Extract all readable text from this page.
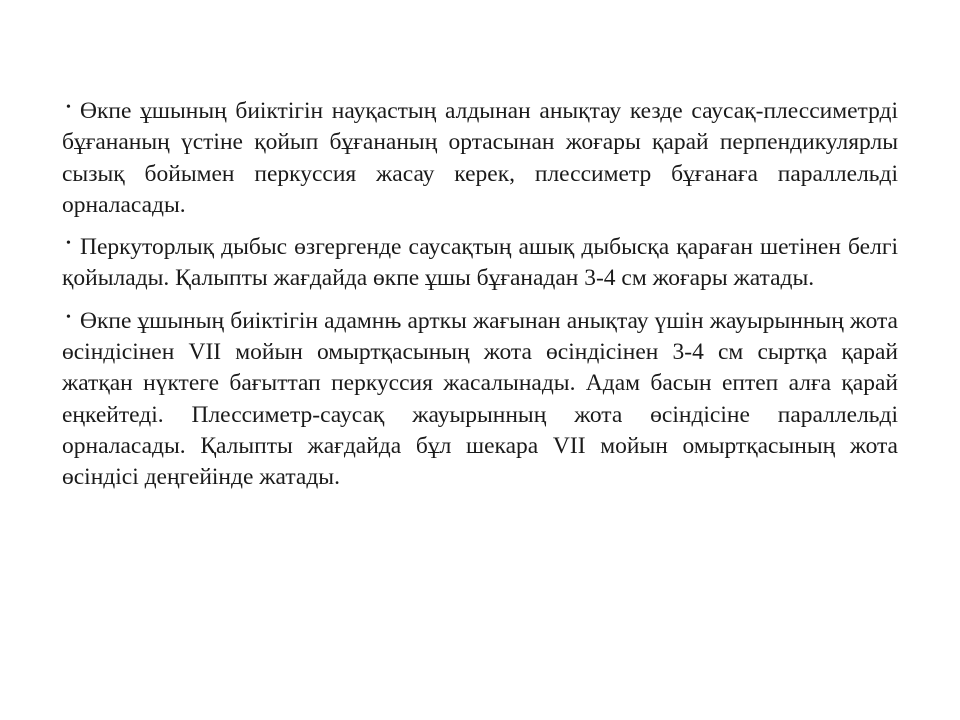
• Өкпе ұшының биіктігін науқастың алдынан анықтау кезде саусақ-плессиметрді бұғананың үстіне қойып бұғананың ортасынан жоғары қарай перпендикулярлы сызық бойымен перкуссия жасау керек, плессиметр бұғанаға параллельді орналасады.
• Перкуторлық дыбыс өзгергенде саусақтың ашық дыбысқа қараған шетінен белгі қойылады. Қалыпты жағдайда өкпе ұшы бұғанадан 3-4 см жоғары жатады.
• Өкпе ұшының биіктігін адамнњ арткы жағынан анықтау үшін жауырынның жота өсіндісінен VII мойын омыртқасының жота өсіндісінен 3-4 см сыртқа қарай жатқан нүктеге бағыттап перкуссия жасалынады. Адам басын ептеп алға қарай еңкейтеді. Плессиметр-саусақ жауырынның жота өсіндісіне параллельді орналасады. Қалыпты жағдайда бұл шекара VII мойын омыртқасының жота өсіндісі деңгейінде жатады.
